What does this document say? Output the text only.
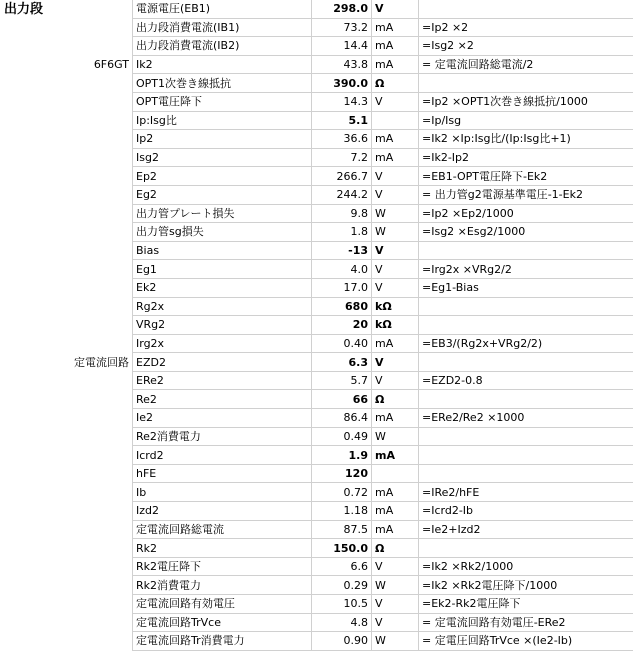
出力段	電源電圧(EB1)	298.0	V	
	出力段消費電流(IB1)	73.2	mA	=Ip2 ×2
	出力段消費電流(IB2)	14.4	mA	=Isg2 ×2
6F6GT	Ik2	43.8	mA	= 定電流回路総電流/2
	OPT1次巻き線抵抗	390.0	Ω	
	OPT電圧降下	14.3	V	=Ip2 ×OPT1次巻き線抵抗/1000
	Ip:Isg比	5.1		=Ip/Isg
	Ip2	36.6	mA	=Ik2 ×Ip:Isg比/(Ip:Isg比+1)
	Isg2	7.2	mA	=Ik2-Ip2
	Ep2	266.7	V	=EB1-OPT電圧降下-Ek2
	Eg2	244.2	V	= 出力管g2電源基準電圧-1-Ek2
	出力管プレート損失	9.8	W	=Ip2 ×Ep2/1000
	出力管sg損失	1.8	W	=Isg2 ×Esg2/1000
	Bias	-13	V	
	Eg1	4.0	V	=Irg2x ×VRg2/2
	Ek2	17.0	V	=Eg1-Bias
	Rg2x	680	kΩ	
	VRg2	20	kΩ	
	Irg2x	0.40	mA	=EB3/(Rg2x+VRg2/2)
定電流回路	EZD2	6.3	V	
	ERe2	5.7	V	=EZD2-0.8
	Re2	66	Ω	
	Ie2	86.4	mA	=ERe2/Re2 ×1000
	Re2消費電力	0.49	W	
	Icrd2	1.9	mA	
	hFE	120		
	Ib	0.72	mA	=IRe2/hFE
	Izd2	1.18	mA	=Icrd2-Ib
	定電流回路総電流	87.5	mA	=Ie2+Izd2
	Rk2	150.0	Ω	
	Rk2電圧降下	6.6	V	=Ik2 ×Rk2/1000
	Rk2消費電力	0.29	W	=Ik2 ×Rk2電圧降下/1000
	定電流回路有効電圧	10.5	V	=Ek2-Rk2電圧降下
	定電流回路TrVce	4.8	V	= 定電流回路有効電圧-ERe2
	定電流回路Tr消費電力	0.90	W	= 定電圧回路TrVce ×(Ie2-Ib)
